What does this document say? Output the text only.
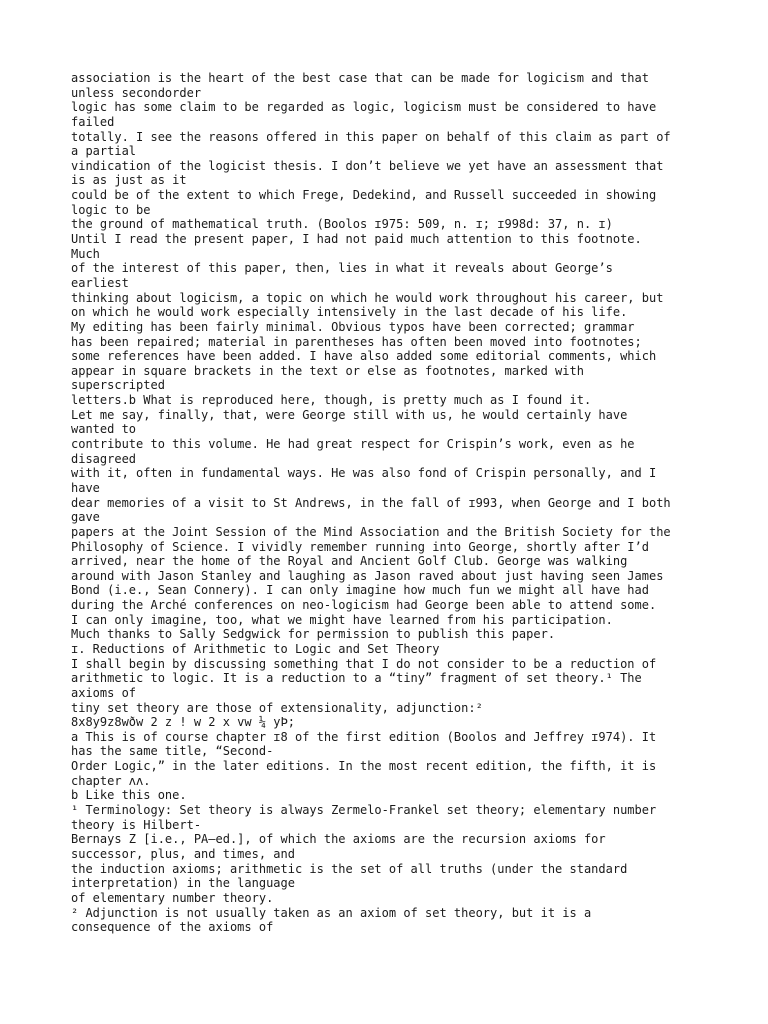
association is the heart of the best case that can be made for logicism and that
unless secondorder
logic has some claim to be regarded as logic, logicism must be considered to have
failed
totally. I see the reasons offered in this paper on behalf of this claim as part of
a partial
vindication of the logicist thesis. I don’t believe we yet have an assessment that
is as just as it
could be of the extent to which Frege, Dedekind, and Russell succeeded in showing
logic to be
the ground of mathematical truth. (Boolos ɪ975: 509, n. ɪ; ɪ998d: 37, n. ɪ)
Until I read the present paper, I had not paid much attention to this footnote.
Much
of the interest of this paper, then, lies in what it reveals about George’s
earliest
thinking about logicism, a topic on which he would work throughout his career, but
on which he would work especially intensively in the last decade of his life.
My editing has been fairly minimal. Obvious typos have been corrected; grammar
has been repaired; material in parentheses has often been moved into footnotes;
some references have been added. I have also added some editorial comments, which
appear in square brackets in the text or else as footnotes, marked with
superscripted
letters.b What is reproduced here, though, is pretty much as I found it.
Let me say, finally, that, were George still with us, he would certainly have
wanted to
contribute to this volume. He had great respect for Crispin’s work, even as he
disagreed
with it, often in fundamental ways. He was also fond of Crispin personally, and I
have
dear memories of a visit to St Andrews, in the fall of ɪ993, when George and I both
gave
papers at the Joint Session of the Mind Association and the British Society for the
Philosophy of Science. I vividly remember running into George, shortly after I’d
arrived, near the home of the Royal and Ancient Golf Club. George was walking
around with Jason Stanley and laughing as Jason raved about just having seen James
Bond (i.e., Sean Connery). I can only imagine how much fun we might all have had
during the Arché conferences on neo-logicism had George been able to attend some.
I can only imagine, too, what we might have learned from his participation.
Much thanks to Sally Sedgwick for permission to publish this paper.
ɪ. Reductions of Arithmetic to Logic and Set Theory
I shall begin by discussing something that I do not consider to be a reduction of
arithmetic to logic. It is a reduction to a “tiny” fragment of set theory.¹ The
axioms of
tiny set theory are those of extensionality, adjunction:²
8x8y9z8wðw 2 z ! w 2 x vw ¼ yÞ;
a This is of course chapter ɪ8 of the first edition (Boolos and Jeffrey ɪ974). It
has the same title, “Second-
Order Logic,” in the later editions. In the most recent edition, the fifth, it is
chapter ʌʌ.
b Like this one.
¹ Terminology: Set theory is always Zermelo-Frankel set theory; elementary number
theory is Hilbert-
Bernays Z [i.e., PA—ed.], of which the axioms are the recursion axioms for
successor, plus, and times, and
the induction axioms; arithmetic is the set of all truths (under the standard
interpretation) in the language
of elementary number theory.
² Adjunction is not usually taken as an axiom of set theory, but it is a
consequence of the axioms of
